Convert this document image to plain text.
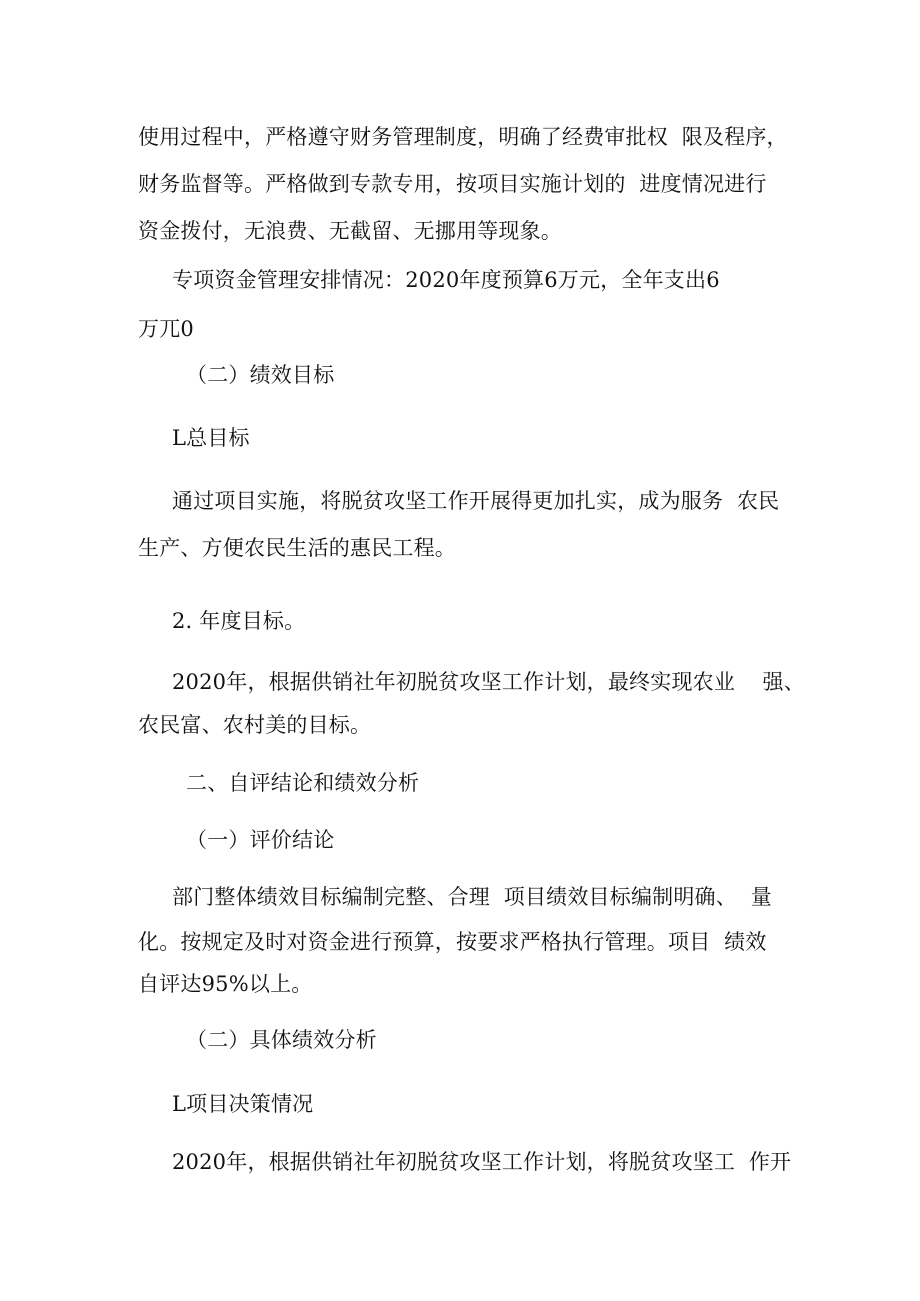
使用过程中，严格遵守财务管理制度，明确了经费审批权  限及程序，
财务监督等。严格做到专款专用，按项目实施计划的  进度情况进行
资金拨付，无浪费、无截留、无挪用等现象。
专项资金管理安排情况：2020年度预算6万元，全年支出6
万兀0
（二）绩效目标
L总目标
通过项目实施，将脱贫攻坚工作开展得更加扎实，成为服务  农民
生产、方便农民生活的惠民工程。
2. 年度目标。
2020年，根据供销社年初脱贫攻坚工作计划，最终实现农业    强、
农民富、农村美的目标。
二、自评结论和绩效分析
（一）评价结论
部门整体绩效目标编制完整、合理  项目绩效目标编制明确、  量
化。按规定及时对资金进行预算，按要求严格执行管理。项目  绩效
自评达95%以上。
（二）具体绩效分析
L项目决策情况
2020年，根据供销社年初脱贫攻坚工作计划，将脱贫攻坚工  作开
